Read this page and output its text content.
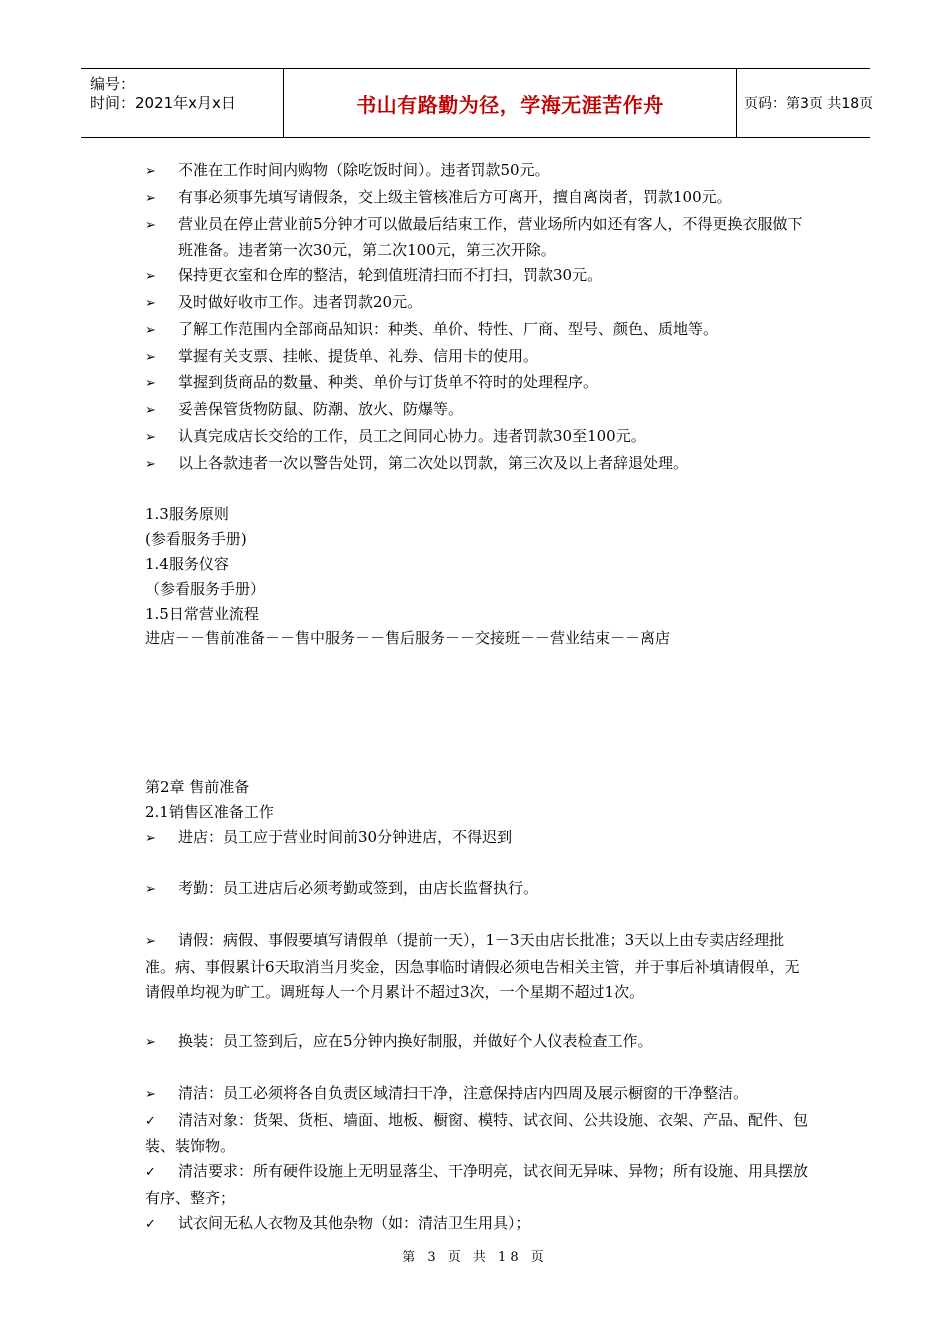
编号：
时间：2021年x月x日	书山有路勤为径，学海无涯苦作舟	页码：第3页 共18页

➢ 不准在工作时间内购物（除吃饭时间）。违者罚款50元。

➢ 有事必须事先填写请假条，交上级主管核准后方可离开，擅自离岗者，罚款100元。

➢ 营业员在停止营业前5分钟才可以做最后结束工作，营业场所内如还有客人，不得更换衣服做下班准备。违者第一次30元，第二次100元，第三次开除。

➢ 保持更衣室和仓库的整洁，轮到值班清扫而不打扫，罚款30元。

➢ 及时做好收市工作。违者罚款20元。

➢ 了解工作范围内全部商品知识：种类、单价、特性、厂商、型号、颜色、质地等。

➢ 掌握有关支票、挂帐、提货单、礼券、信用卡的使用。

➢ 掌握到货商品的数量、种类、单价与订货单不符时的处理程序。

➢ 妥善保管货物防鼠、防潮、放火、防爆等。

➢ 认真完成店长交给的工作，员工之间同心协力。违者罚款30至100元。

➢ 以上各款违者一次以警告处罚，第二次处以罚款，第三次及以上者辞退处理。

1.3服务原则

(参看服务手册)

1.4服务仪容

（参看服务手册）

1.5日常营业流程

进店－－售前准备－－售中服务－－售后服务－－交接班－－营业结束－－离店

第2章 售前准备

2.1销售区准备工作

➢ 进店：员工应于营业时间前30分钟进店，不得迟到

➢ 考勤：员工进店后必须考勤或签到，由店长监督执行。

➢ 请假：病假、事假要填写请假单（提前一天），1－3天由店长批准；3天以上由专卖店经理批准。病、事假累计6天取消当月奖金，因急事临时请假必须电告相关主管，并于事后补填请假单，无请假单均视为旷工。调班每人一个月累计不超过3次，一个星期不超过1次。

➢ 换装：员工签到后，应在5分钟内换好制服，并做好个人仪表检查工作。

➢ 清洁：员工必须将各自负责区域清扫干净，注意保持店内四周及展示橱窗的干净整洁。

✓ 清洁对象：货架、货柜、墙面、地板、橱窗、模特、试衣间、公共设施、衣架、产品、配件、包装、装饰物。

✓ 清洁要求：所有硬件设施上无明显落尘、干净明亮，试衣间无异味、异物；所有设施、用具摆放有序、整齐；

✓ 试衣间无私人衣物及其他杂物（如：清洁卫生用具）；

第 3 页 共 18 页
